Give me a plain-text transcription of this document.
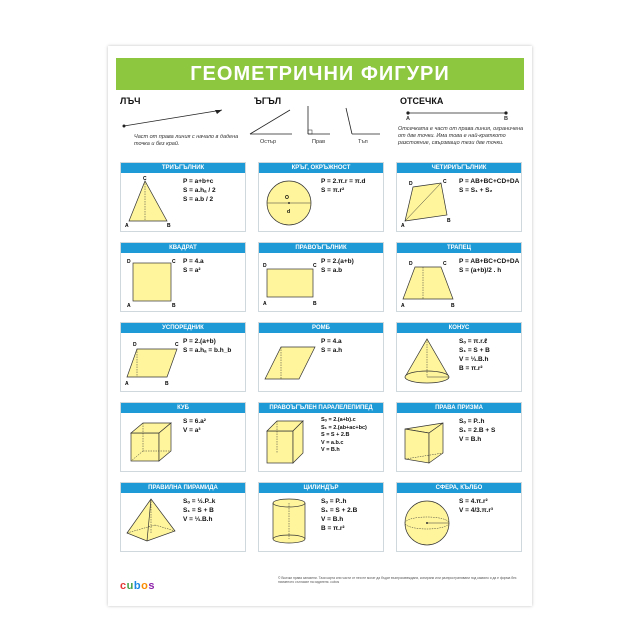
ГЕОМЕТРИЧНИ ФИГУРИ
ЛЪЧ
Част от права линия с начало в дадена точка и без край.
ЪГЪЛ
Остър	Прав	Тъп
ОТСЕЧКА
A	B
Отсечката е част от права линия, ограничена от две точки. Има това е най-краткото разстояние, свързващо тези две точки.
ТРИЪГЪЛНИК
A	B
C	P = a+b+c
S = a.hₐ / 2
S = a.b / 2
КРЪГ, ОКРЪЖНОСТ
O
d
P = 2.π.r = π.d
S = π.r²
ЧЕТИРИЪГЪЛНИК
A
B
C
D	P = AB+BC+CD+DA
S = S₁ + S₂
КВАДРАТ
D	C
A	B
P = 4.a
S = a²
ПРАВОЪГЪЛНИК
D	C
A	B
P = 2.(a+b)
S = a.b
ТРАПЕЦ
D	C
A	B
P = AB+BC+CD+DA
S = (a+b)/2 . h
УСПОРЕДНИК
D	C
A	B
P = 2.(a+b)
S = a.hₐ = b.h_b
РОМБ
P = 4.a
S = a.h
КОНУС
Sₒ = π.r.ℓ
S₁ = S + B
V = ⅓.B.h
B = π.r²
КУБ
S = 6.a²
V = a³
ПРАВОЪГЪЛЕН ПАРАЛЕЛЕПИПЕД
Sₒ = 2.(a+b).c
S₁ = 2.(ab+ac+bc)
S = S + 2.B
V = a.b.c
V = B.h
ПРАВА ПРИЗМА
Sₒ = P..h
S₁ = 2.B + S
V = B.h
ПРАВИЛНА ПИРАМИДА
Sₒ = ½.P..k
S₁ = S + B
V = ⅓.B.h
ЦИЛИНДЪР
Sₒ = P..h
S₁ = S + 2.B
V = B.h
B = π.r²
СФЕРА, КЪЛБО
S = 4.π.r²
V = 4/3.π.r³
cubos
© Всички права запазени. Тази карта или части от нея не могат да бъдат възпроизвеждани, копирани или разпространявани под каквато и да е форма без писменото съгласие на издателя. cubos
